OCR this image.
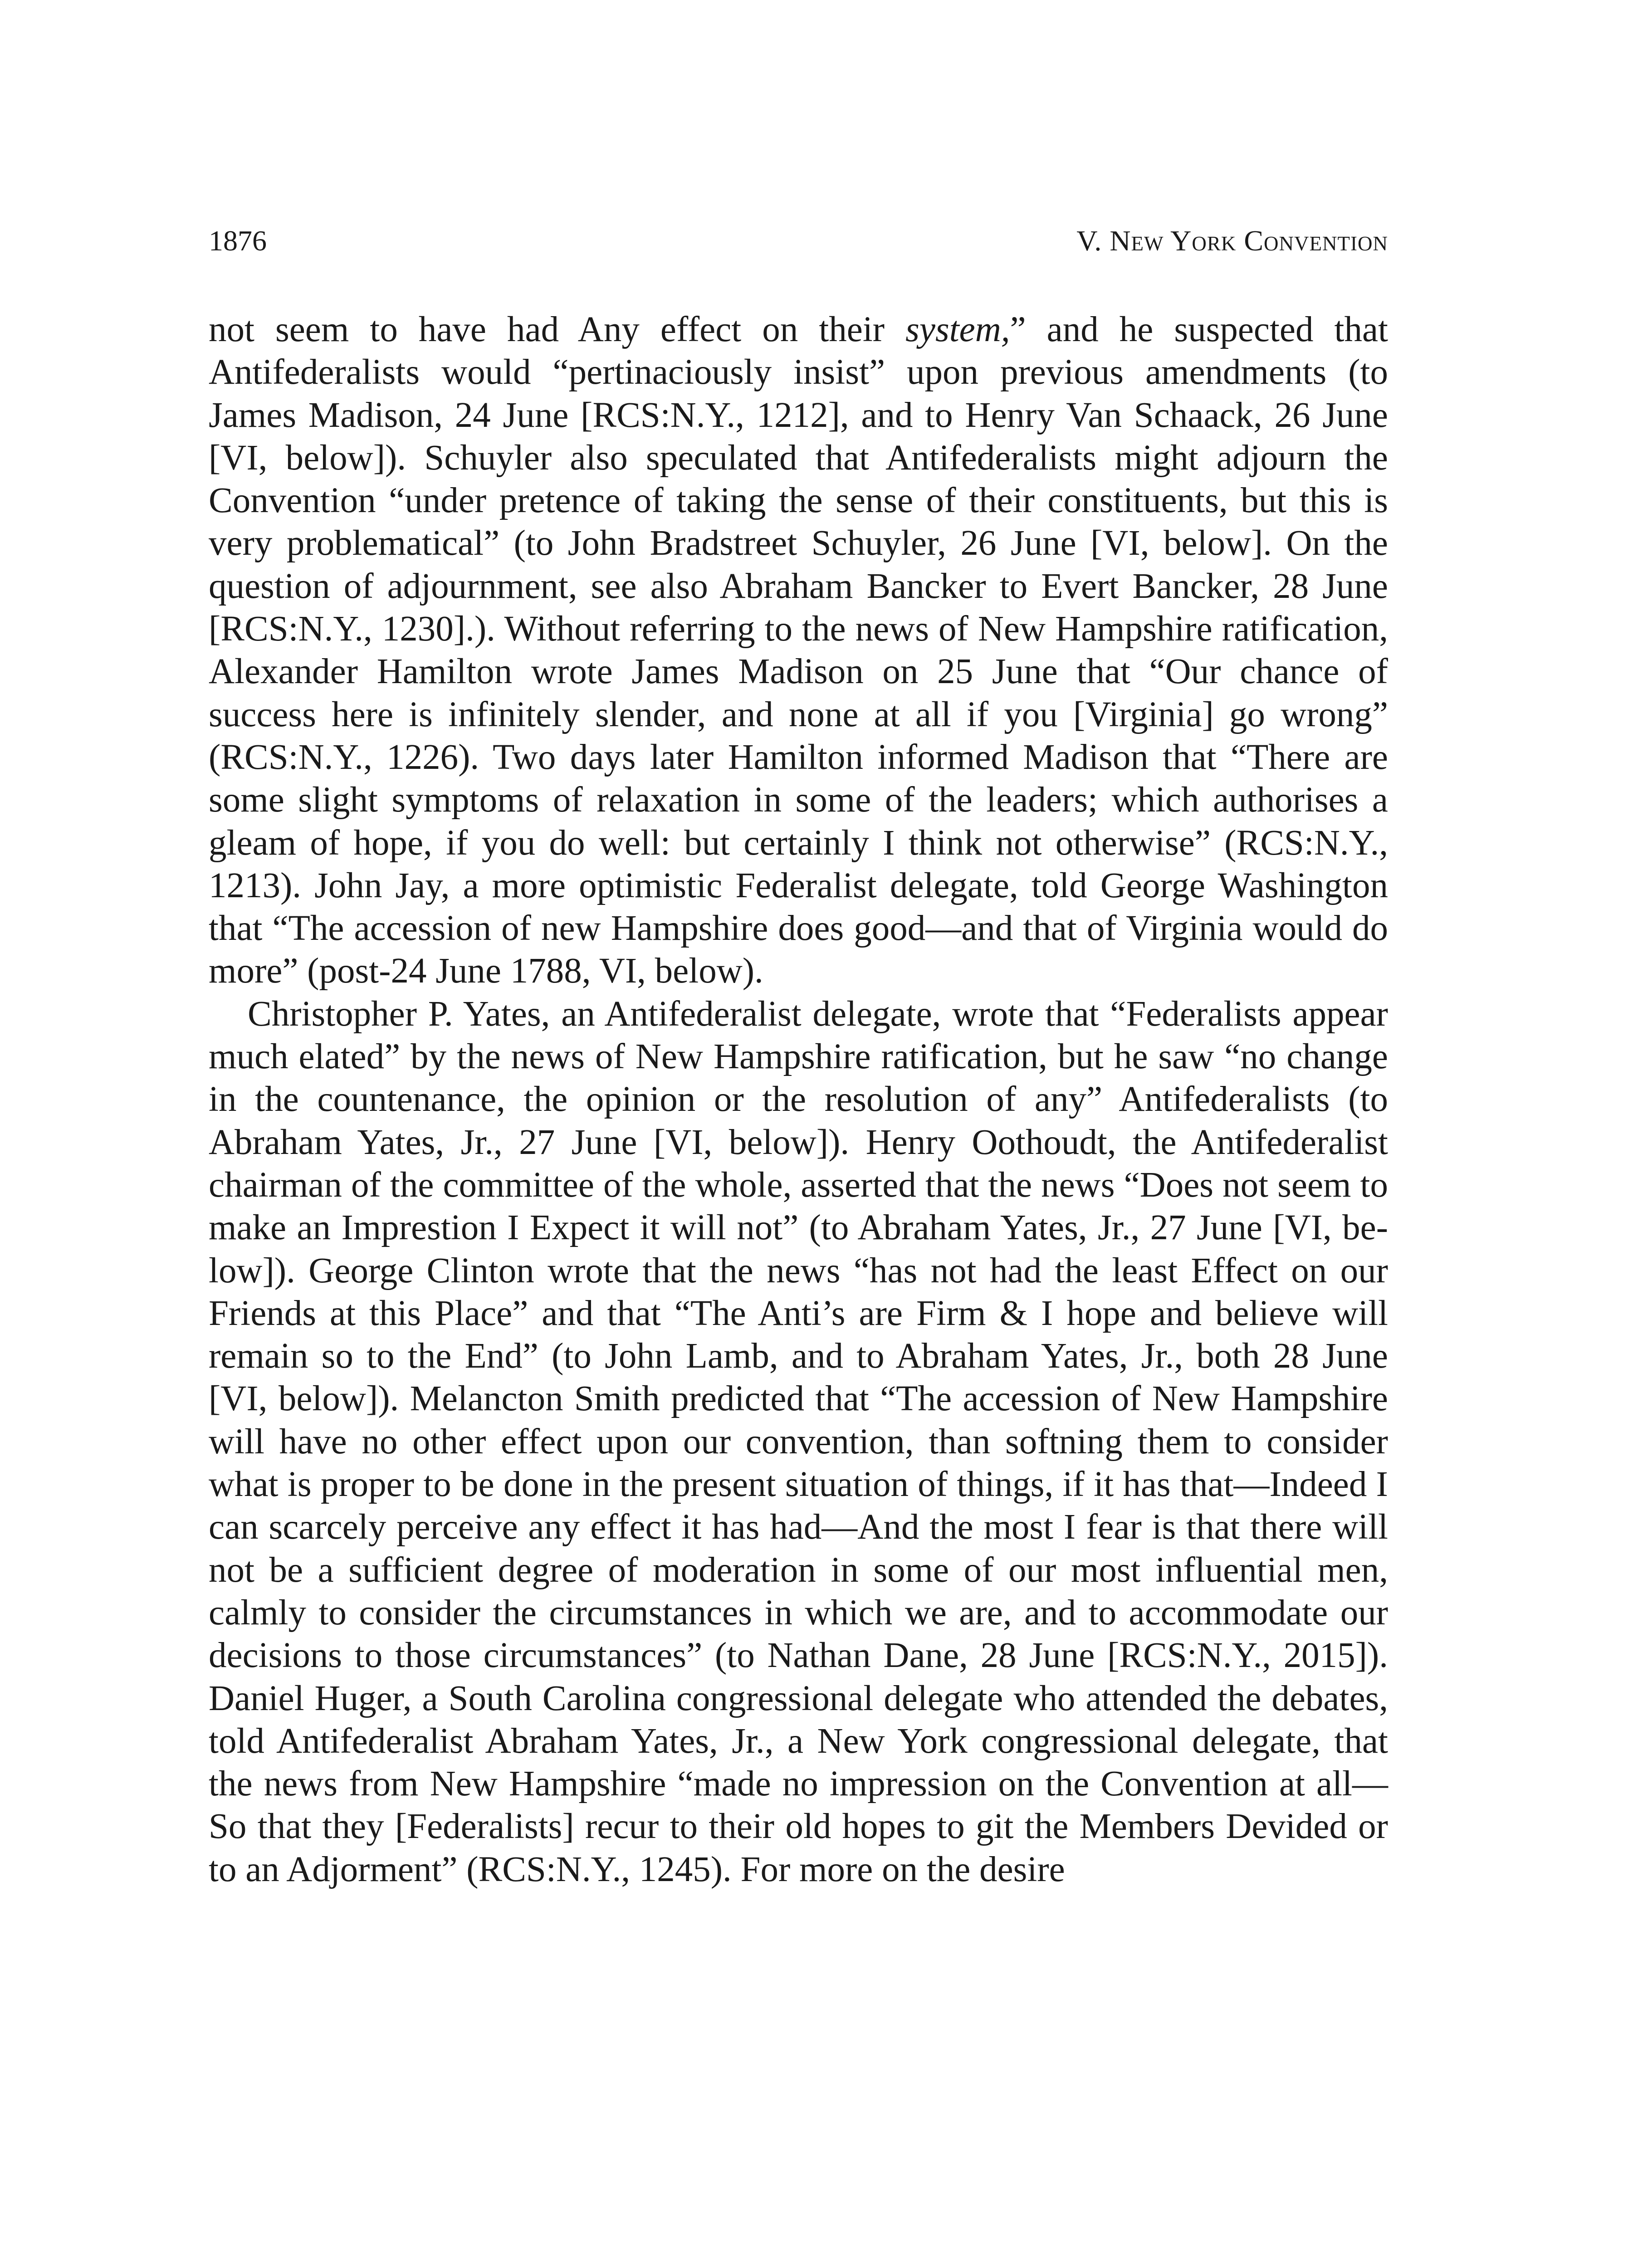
1876	V. New York Convention

not seem to have had Any effect on their system,” and he suspected that Antifederalists would “pertinaciously insist” upon previous amendments (to James Madison, 24 June [RCS:N.Y., 1212], and to Henry Van Schaack, 26 June [VI, below]). Schuyler also speculated that Antifederalists might adjourn the Convention “under pretence of taking the sense of their constituents, but this is very problematical” (to John Bradstreet Schuyler, 26 June [VI, below]. On the question of adjournment, see also Abraham Bancker to Evert Bancker, 28 June [RCS:N.Y., 1230].). Without referring to the news of New Hampshire ratification, Alexander Hamilton wrote James Madison on 25 June that “Our chance of success here is infinitely slender, and none at all if you [Virginia] go wrong” (RCS:N.Y., 1226). Two days later Hamilton informed Madison that “There are some slight symptoms of relaxation in some of the leaders; which authorises a gleam of hope, if you do well: but certainly I think not otherwise” (RCS:N.Y., 1213). John Jay, a more optimistic Federalist delegate, told George Washington that “The accession of new Hampshire does good—and that of Virginia would do more” (post-24 June 1788, VI, below).

Christopher P. Yates, an Antifederalist delegate, wrote that “Federalists appear much elated” by the news of New Hampshire ratification, but he saw “no change in the countenance, the opinion or the resolution of any” Antifederalists (to Abraham Yates, Jr., 27 June [VI, below]). Henry Oothoudt, the Antifederalist chairman of the committee of the whole, asserted that the news “Does not seem to make an Imprestion I Expect it will not” (to Abraham Yates, Jr., 27 June [VI, below]). George Clinton wrote that the news “has not had the least Effect on our Friends at this Place” and that “The Anti’s are Firm & I hope and believe will remain so to the End” (to John Lamb, and to Abraham Yates, Jr., both 28 June [VI, below]). Melancton Smith predicted that “The accession of New Hampshire will have no other effect upon our convention, than softning them to consider what is proper to be done in the present situation of things, if it has that—Indeed I can scarcely perceive any effect it has had—And the most I fear is that there will not be a sufficient degree of moderation in some of our most influential men, calmly to consider the circumstances in which we are, and to accommodate our decisions to those circumstances” (to Nathan Dane, 28 June [RCS:N.Y., 2015]). Daniel Huger, a South Carolina congressional delegate who attended the debates, told Antifederalist Abraham Yates, Jr., a New York congressional delegate, that the news from New Hampshire “made no impression on the Convention at all—So that they [Federalists] recur to their old hopes to git the Members Devided or to an Adjorment” (RCS:N.Y., 1245). For more on the desire
